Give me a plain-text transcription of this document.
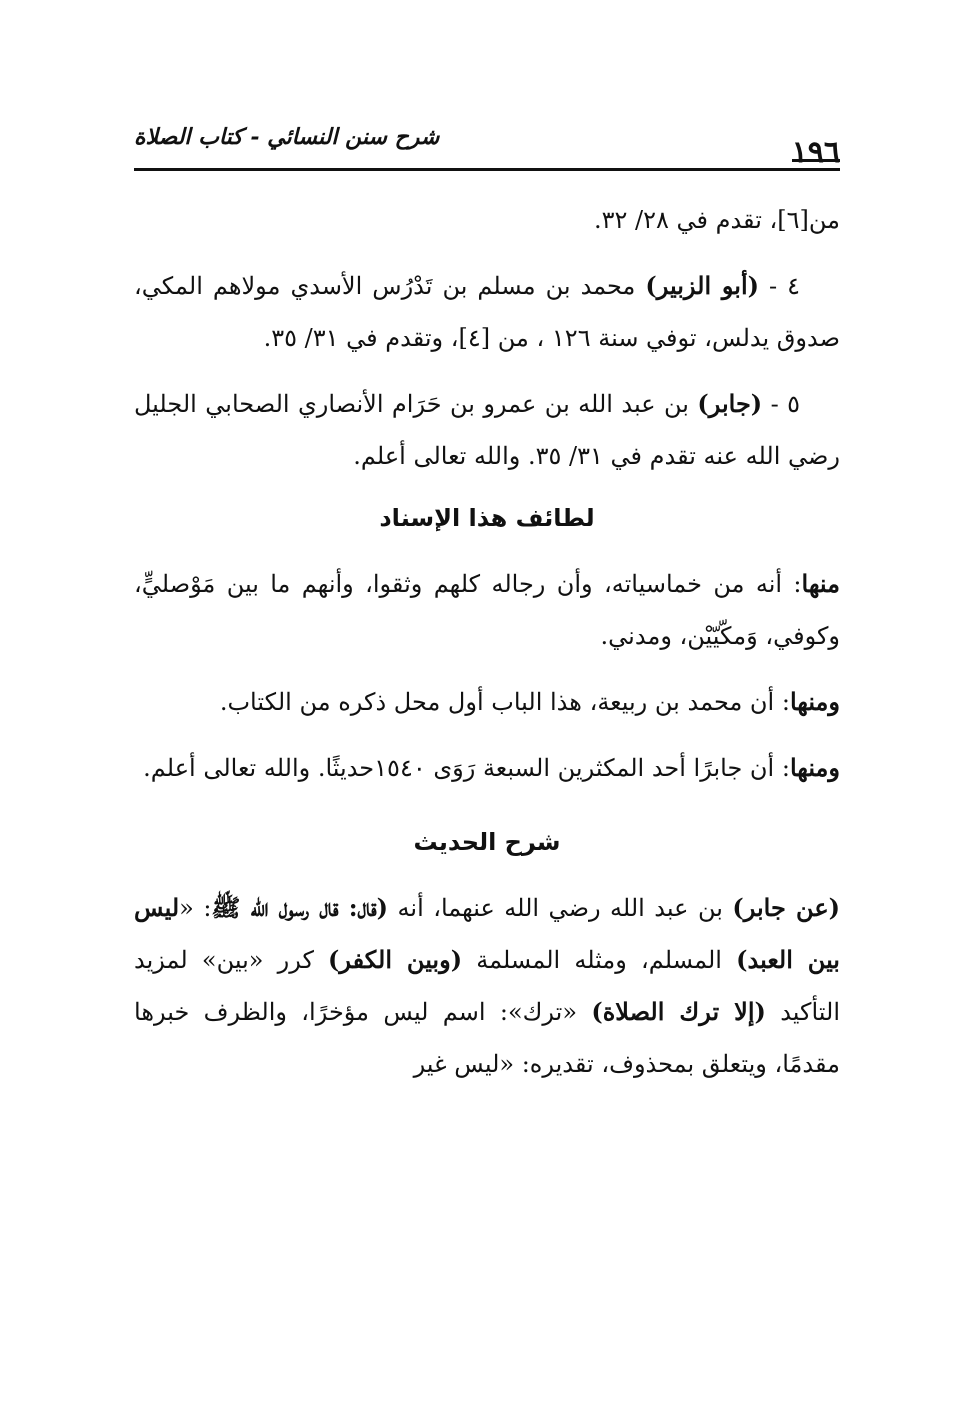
١٩٦
شرح سنن النسائي - كتاب الصلاة

من[٦]، تقدم في ٢٨/ ٣٢.

٤ - (أبو الزبير) محمد بن مسلم بن تَدْرُس الأسدي مولاهم المكي، صدوق يدلس، توفي سنة ١٢٦ ، من [٤]، وتقدم في ٣١/ ٣٥.

٥ - (جابر) بن عبد الله بن عمرو بن حَرَام الأنصاري الصحابي الجليل رضي الله عنه تقدم في ٣١/ ٣٥. والله تعالى أعلم.

لطائف هذا الإسناد

منها: أنه من خماسياته، وأن رجاله كلهم وثقوا، وأنهم ما بين مَوْصليٍّ، وكوفي، وَمكّيّيْن، ومدني.

ومنها: أن محمد بن ربيعة، هذا الباب أول محل ذكره من الكتاب.

ومنها: أن جابرًا أحد المكثرين السبعة رَوَى ١٥٤٠حديثًا. والله تعالى أعلم.

شرح الحديث

(عن جابر) بن عبد الله رضي الله عنهما، أنه (قال: قال رسول الله ﷺ: «ليس بين العبد) المسلم، ومثله المسلمة (وبين الكفر) كرر «بين» لمزيد التأكيد (إلا ترك الصلاة) «ترك»: اسم ليس مؤخرًا، والظرف خبرها مقدمًا، ويتعلق بمحذوف، تقديره: «ليس غير
